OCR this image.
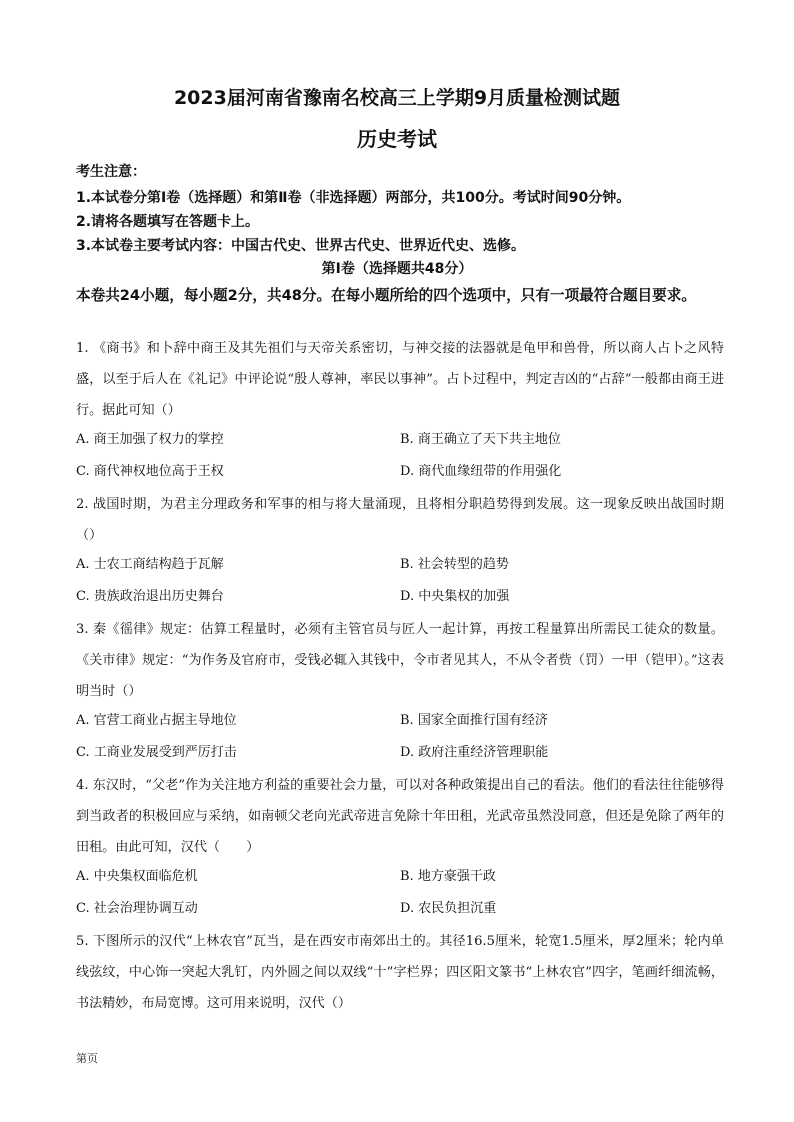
2023届河南省豫南名校高三上学期9月质量检测试题
历史考试
考生注意：
1.本试卷分第I卷（选择题）和第Ⅱ卷（非选择题）两部分，共100分。考试时间90分钟。
2.请将各题填写在答题卡上。
3.本试卷主要考试内容：中国古代史、世界古代史、世界近代史、选修。
第I卷（选择题共48分）
本卷共24小题，每小题2分，共48分。在每小题所给的四个选项中，只有一项最符合题目要求。
1. 《商书》和卜辞中商王及其先祖们与天帝关系密切，与神交接的法器就是龟甲和兽骨，所以商人占卜之风特盛，以至于后人在《礼记》中评论说“殷人尊神，率民以事神”。占卜过程中，判定吉凶的“占辞”一般都由商王进行。据此可知（）
A. 商王加强了权力的掌控	B. 商王确立了天下共主地位
C. 商代神权地位高于王权	D. 商代血缘纽带的作用强化
2. 战国时期，为君主分理政务和军事的相与将大量涌现，且将相分职趋势得到发展。这一现象反映出战国时期（）
A. 士农工商结构趋于瓦解	B. 社会转型的趋势
C. 贵族政治退出历史舞台	D. 中央集权的加强
3. 秦《徭律》规定：估算工程量时，必须有主管官员与匠人一起计算，再按工程量算出所需民工徒众的数量。《关市律》规定：“为作务及官府市，受钱必辄入其钱中，令市者见其人，不从令者赀（罚）一甲（铠甲）。”这表明当时（）
A. 官营工商业占据主导地位	B. 国家全面推行国有经济
C. 工商业发展受到严厉打击	D. 政府注重经济管理职能
4. 东汉时，“父老”作为关注地方利益的重要社会力量，可以对各种政策提出自己的看法。他们的看法往往能够得到当政者的积极回应与采纳，如南顿父老向光武帝进言免除十年田租，光武帝虽然没同意，但还是免除了两年的田租。由此可知，汉代（　　）
A. 中央集权面临危机	B. 地方豪强干政
C. 社会治理协调互动	D. 农民负担沉重
5. 下图所示的汉代“上林农官”瓦当，是在西安市南郊出土的。其径16.5厘米，轮宽1.5厘米，厚2厘米；轮内单线弦纹，中心饰一突起大乳钉，内外圆之间以双线“十”字栏界；四区阳文篆书“上林农官”四字，笔画纤细流畅，书法精妙，布局宽博。这可用来说明，汉代（）
第页
